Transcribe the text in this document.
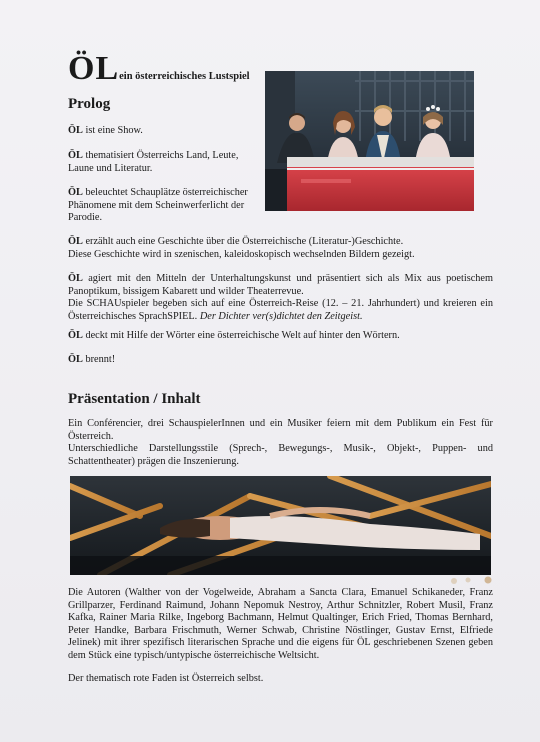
ÖLein österreichisches Lustspiel
Prolog

ÖL ist eine Show.

ÖL thematisiert Österreichs Land, Leute,
Laune und Literatur.

ÖL beleuchtet Schauplätze österreichischer
Phänomene mit dem Scheinwerferlicht der
Parodie.

ÖL erzählt auch eine Geschichte über die Österreichische (Literatur-)Geschichte.
Diese Geschichte wird in szenischen, kaleidoskopisch wechselnden Bildern gezeigt.

ÖL agiert mit den Mitteln der Unterhaltungskunst und präsentiert sich als Mix aus poetischem Panoptikum, bissigem Kabarett und wilder Theaterrevue.
Die SCHAUspieler begeben sich auf eine Österreich-Reise (12. – 21. Jahrhundert) und kreieren ein Österreichisches SprachSPIEL. Der Dichter ver(s)dichtet den Zeitgeist.

ÖL deckt mit Hilfe der Wörter eine österreichische Welt auf hinter den Wörtern.

ÖL brennt!

Präsentation / Inhalt

Ein Conférencier, drei SchauspielerInnen und ein Musiker feiern mit dem Publikum ein Fest für Österreich.

Unterschiedliche Darstellungsstile (Sprech-, Bewegungs-, Musik-, Objekt-, Puppen- und Schattentheater) prägen die Inszenierung.

Die Autoren (Walther von der Vogelweide, Abraham a Sancta Clara, Emanuel Schikaneder, Franz Grillparzer, Ferdinand Raimund, Johann Nepomuk Nestroy, Arthur Schnitzler, Robert Musil, Franz Kafka, Rainer Maria Rilke, Ingeborg Bachmann, Helmut Qualtinger, Erich Fried, Thomas Bernhard, Peter Handke, Barbara Frischmuth, Werner Schwab, Christine Nöstlinger, Gustav Ernst, Elfriede Jelinek) mit ihrer spezifisch literarischen Sprache und die eigens für ÖL geschriebenen Szenen geben dem Stück eine typisch/untypische österreichische Weltsicht.

Der thematisch rote Faden ist Österreich selbst.
